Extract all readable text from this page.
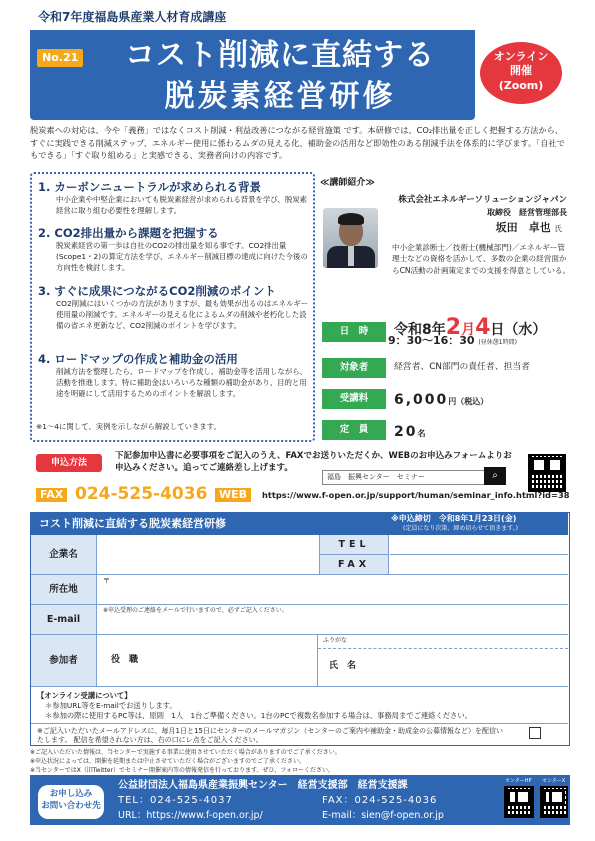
令和7年度福島県産業人材育成講座
No.21	コスト削減に直結する
脱炭素経営研修
オンライン
開催
(Zoom)
脱炭素への対応は、今や「義務」ではなくコスト削減・利益改善につながる経営施策 です。本研修では、CO₂排出量を正しく把握する方法から、すぐに実践できる削減ステップ、エネルギー使用に係わるムダの見える化、補助金の活用など即効性のある削減手法を体系的に学びます。「自社でもできる」「すぐ取り組める」と実感できる、実務者向けの内容です。
1. カーボンニュートラルが求められる背景

中小企業や中堅企業においても脱炭素経営が求められる背景を学び、脱炭素経営に取り組む必要性を理解します。

2. CO2排出量から課題を把握する

脱炭素経営の第一歩は自社のCO2の排出量を知る事です。CO2排出量(Scope1・2)の算定方法を学び、エネルギー削減目標の達成に向けた今後の方向性を検討します。

3. すぐに成果につながるCO2削減のポイント

CO2削減にはいくつかの方法がありますが、最も効果が出るのはエネルギー使用量の削減です。エネルギーの見える化によるムダの削減や老朽化した設備の省エネ更新など、CO2削減のポイントを学びます。

4. ロードマップの作成と補助金の活用

削減方法を整理したら、ロードマップを作成し、補助金等を活用しながら、活動を推進します。特に補助金はいろいろな種類の補助金があり、目的と用途を明確にして活用するためのポイントを解説します。

※1～4に関して、実例を示しながら解説していきます。
≪講師紹介≫
株式会社エネルギーソリューションジャパン
取締役　経営管理部長
坂田　卓也 氏
中小企業診断士／技術士(機械部門)／エネルギー管理士などの資格を活かして、多数の企業の経営面からCN活動の計画策定までの支援を得意としている。
日　時	令和8年2月4日（水）
9：30～16：30 (昼休憩1時間)
対象者	経営者、CN部門の責任者、担当者
受講料	6,000円（税込）
定　員	20名
申込方法
下記参加申込書に必要事項をご記入のうえ、FAXでお送りいただくか、WEBのお申込みフォームよりお申込みください。追ってご連絡差し上げます。
福島　振興センター　セミナー	⌕
FAX 024-525-4036	WEB	https://www.f-open.or.jp/support/human/seminar_info.html?id=38
コスト削減に直結する脱炭素経営研修	※申込締切　令和8年1月23日(金)
(定員になり次第、締め切らせて頂きます。)
企業名
TEL
FAX
所在地
〒
E-mail
※申込受理のご連絡をメールで行いますので、必ずご記入ください。
参加者	役　職
ふりがな
氏　名
【オンライン受講について】
＊参加URL等をE-mailでお送りします。
＊参加の際に使用するPC等は、原則　1人　1台ご準備ください。1台のPCで複数名参加する場合は、事務局までご連絡ください。
※ご記入いただいたメールアドレスに、毎月1日と15日にセンターのメールマガジン（センターのご案内や補助金・助成金の公募情報など）を配信いたします。 配信を希望されない方は、右の口にレ点をご記入ください。
※ご記入いただいた情報は、当センターで実施する事業に使用させていただく場合がありますのでご了承ください。
※申込状況によっては、開催を延期または中止させていただく場合がございますのでご了承ください。
※当センターではX（旧Twitter）でセミナー開催案内等の情報発信を行っております。ぜひ、フォローください。
お申し込み
お問い合わせ先
公益財団法人福島県産業振興センター　経営支援部　経営支援課
TEL：024-525-4037	FAX：024-525-4036
URL：https://www.f-open.or.jp/	E-mail：sien@f-open.or.jp
センターHP センターX
